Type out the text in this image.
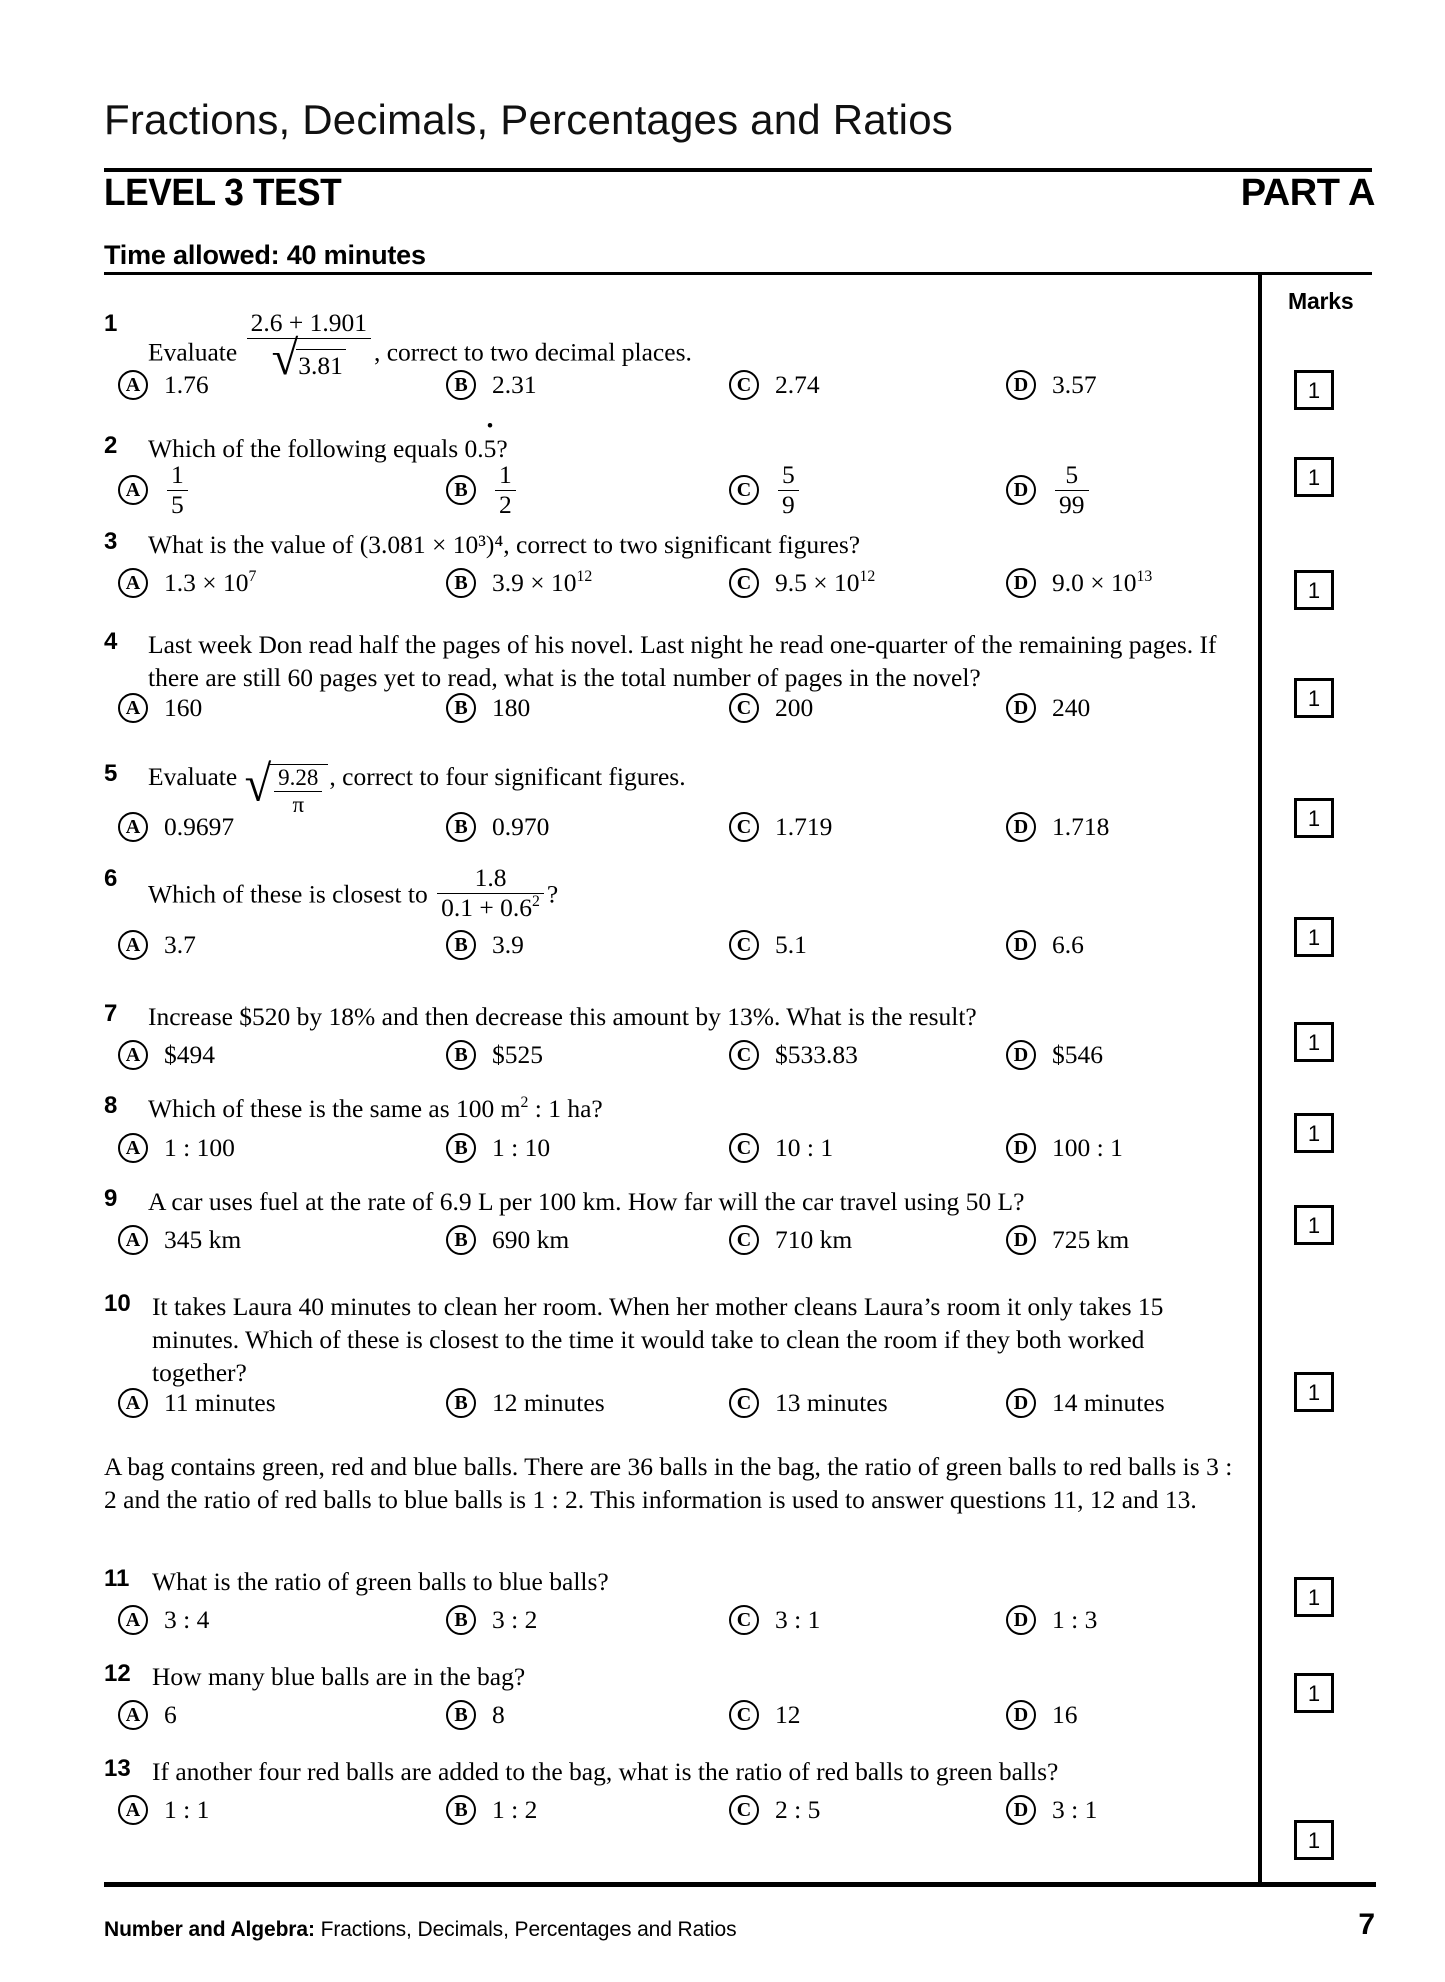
Fractions, Decimals, Percentages and Ratios
LEVEL 3 TEST	PART A
Time allowed: 40 minutes
Marks
1
1
1
1
1
1
1
1
1
1
1
1
1
1
Evaluate $\frac{2.6 + 1.901}{√3.81}$ , correct to two decimal places.
A 1.76	B 2.31	C 2.74	D 3.57
2	Which of the following equals 0.5 ·?
A	$\frac{1}{5}$	B	$\frac{1}{2}$	C	$\frac{5}{9}$	D	$\frac{5}{99}$
3	What is the value of (3.081 × 10³)⁴, correct to two significant figures?
A $1.3 \times 10^7$	B $3.9 \times 10^{12}$	C $9.5 \times 10^{12}$	D $9.0 \times 10^{13}$
4	Last week Don read half the pages of his novel. Last night he read one-quarter of the remaining pages. If there are still 60 pages yet to read, what is the total number of pages in the novel?
A 160	B 180	C 200	D 240
5	Evaluate √ $\frac{9.28}{\pi}$ , correct to four significant figures.
A 0.9697	B 0.970	C 1.719	D 1.718
6
Which of these is closest to $\frac{1.8}{0.1 + 0.6^2}$ ?
A 3.7	B 3.9	C 5.1	D 6.6
7	Increase $520 by 18% and then decrease this amount by 13%. What is the result?
A $494	B $525	C $533.83	D $546
8	Which of these is the same as 100 $m^2$ : 1 ha?
A 1 : 100	B 1 : 10	C 10 : 1	D 100 : 1
9	A car uses fuel at the rate of 6.9 L per 100 km. How far will the car travel using 50 L?
A 345 km	B 690 km	C 710 km	D 725 km
10 It takes Laura 40 minutes to clean her room. When her mother cleans Laura’s room it only takes 15 minutes. Which of these is closest to the time it would take to clean the room if they both worked together?
A 11 minutes	B 12 minutes	C 13 minutes	D 14 minutes
A bag contains green, red and blue balls. There are 36 balls in the bag, the ratio of green balls to red balls is 3 : 2 and the ratio of red balls to blue balls is 1 : 2. This information is used to answer questions 11, 12 and 13.
11 What is the ratio of green balls to blue balls?
A 3 : 4	B 3 : 2	C 3 : 1	D 1 : 3
12 How many blue balls are in the bag?
A 6	B 8	C 12	D 16
13 If another four red balls are added to the bag, what is the ratio of red balls to green balls?
A 1 : 1	B 1 : 2	C 2 : 5	D 3 : 1
Number and Algebra: Fractions, Decimals, Percentages and Ratios	7
